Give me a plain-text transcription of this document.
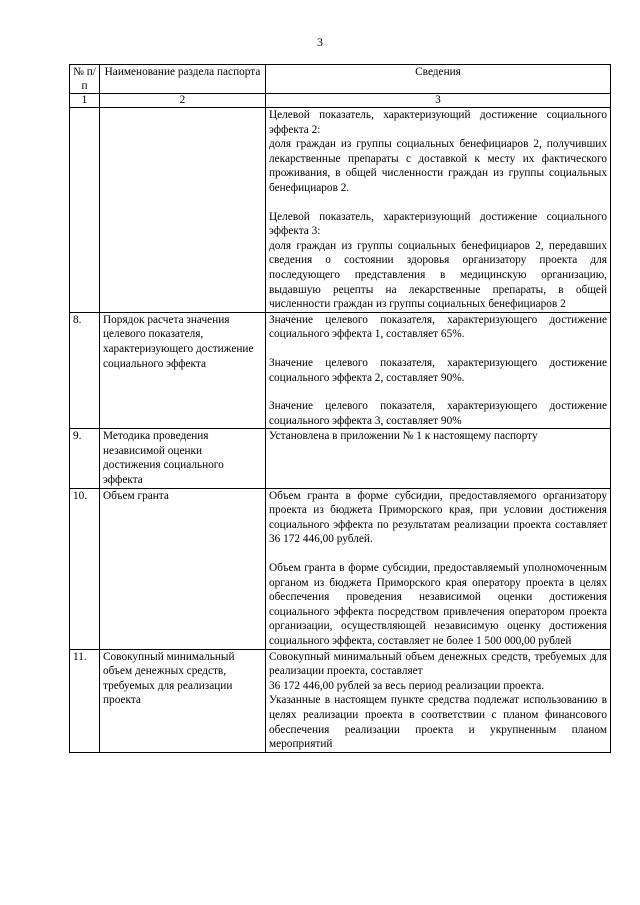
3
№ п/п	Наименование раздела паспорта	Сведения
1	2	3

		Целевой показатель, характеризующий достижение социального эффекта 2:

доля граждан из группы социальных бенефициаров 2, получивших лекарственные препараты с доставкой к месту их фактического проживания, в общей численности граждан из группы социальных бенефициаров 2.

Целевой показатель, характеризующий достижение социального эффекта 3:

доля граждан из группы социальных бенефициаров 2, передавших сведения о состоянии здоровья организатору проекта для последующего представления в медицинскую организацию, выдавшую рецепты на лекарственные препараты, в общей численности граждан из группы социальных бенефициаров 2

8.	Порядок расчета значения целевого показателя, характеризующего достижение социального эффекта	Значение целевого показателя, характеризующего достижение социального эффекта 1, составляет 65%.

Значение целевого показателя, характеризующего достижение социального эффекта 2, составляет 90%.

Значение целевого показателя, характеризующего достижение социального эффекта 3, составляет 90%

9.	Методика проведения независимой оценки достижения социального эффекта	Установлена в приложении № 1 к настоящему паспорту

10.	Объем гранта	Объем гранта в форме субсидии, предоставляемого организатору проекта из бюджета Приморского края, при условии достижения социального эффекта по результатам реализации проекта составляет 36 172 446,00 рублей.

Объем гранта в форме субсидии, предоставляемый уполномоченным органом из бюджета Приморского края оператору проекта в целях обеспечения проведения независимой оценки достижения социального эффекта посредством привлечения оператором проекта организации, осуществляющей независимую оценку достижения социального эффекта, составляет не более 1 500 000,00 рублей

11.	Совокупный минимальный объем денежных средств, требуемых для реализации проекта	Совокупный минимальный объем денежных средств, требуемых для реализации проекта, составляет

36 172 446,00 рублей за весь период реализации проекта.

Указанные в настоящем пункте средства подлежат использованию в целях реализации проекта в соответствии с планом финансового обеспечения реализации проекта и укрупненным планом мероприятий
